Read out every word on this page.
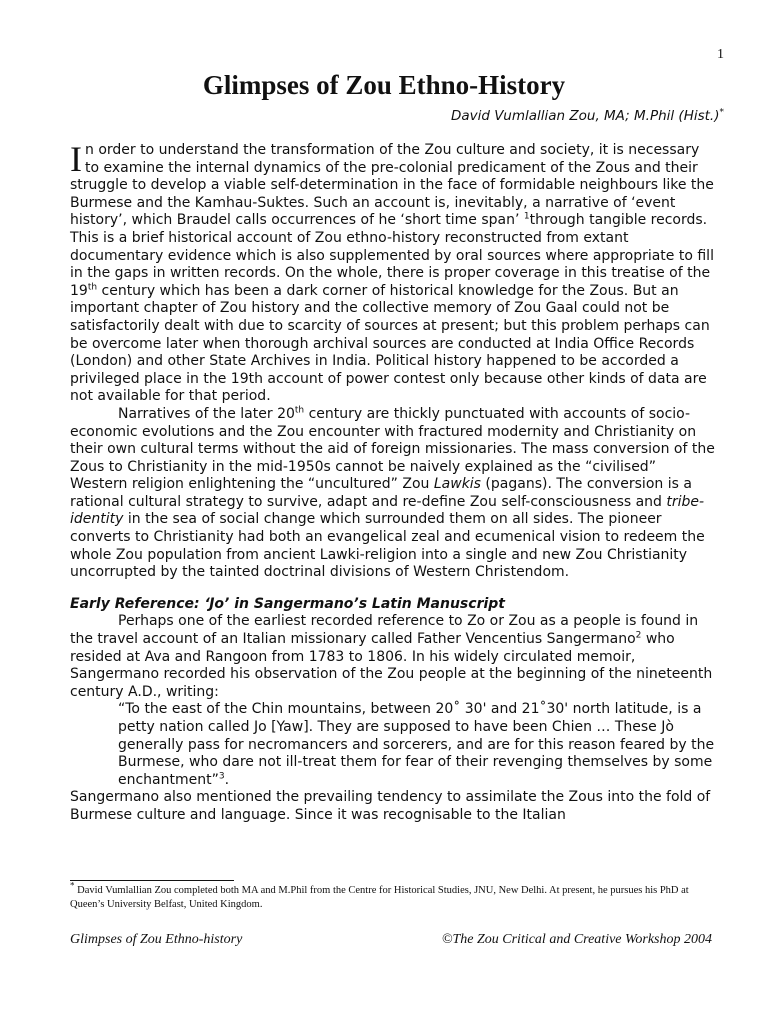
1
Glimpses of Zou Ethno-History
David Vumlallian Zou, MA; M.Phil (Hist.)*

In order to understand the transformation of the Zou culture and society, it is necessary to examine the internal dynamics of the pre-colonial predicament of the Zous and their struggle to develop a viable self-determination in the face of formidable neighbours like the Burmese and the Kamhau-Suktes. Such an account is, inevitably, a narrative of ‘event history’, which Braudel calls occurrences of he ‘short time span’ $^1$through tangible records. This is a brief historical account of Zou ethno-history reconstructed from extant documentary evidence which is also supplemented by oral sources where appropriate to fill in the gaps in written records. On the whole, there is proper coverage in this treatise of the 19th century which has been a dark corner of historical knowledge for the Zous. But an important chapter of Zou history and the collective memory of Zou Gaal could not be satisfactorily dealt with due to scarcity of sources at present; but this problem perhaps can be overcome later when thorough archival sources are conducted at India Office Records (London) and other State Archives in India. Political history happened to be accorded a privileged place in the 19th account of power contest only because other kinds of data are not available for that period.

Narratives of the later 20th century are thickly punctuated with accounts of socio-economic evolutions and the Zou encounter with fractured modernity and Christianity on their own cultural terms without the aid of foreign missionaries. The mass conversion of the Zous to Christianity in the mid-1950s cannot be naively explained as the “civilised” Western religion enlightening the “uncultured” Zou Lawkis (pagans). The conversion is a rational cultural strategy to survive, adapt and re-define Zou self-consciousness and tribe-identity in the sea of social change which surrounded them on all sides. The pioneer converts to Christianity had both an evangelical zeal and ecumenical vision to redeem the whole Zou population from ancient Lawki-religion into a single and new Zou Christianity uncorrupted by the tainted doctrinal divisions of Western Christendom.

Early Reference: ‘Jo’ in Sangermano’s Latin Manuscript

Perhaps one of the earliest recorded reference to Zo or Zou as a people is found in the travel account of an Italian missionary called Father Vencentius Sangermano$^2$ who resided at Ava and Rangoon from 1783 to 1806. In his widely circulated memoir, Sangermano recorded his observation of the Zou people at the beginning of the nineteenth century A.D., writing:

“To the east of the Chin mountains, between 20˚ 30' and 21˚30' north latitude, is a petty nation called Jo [Yaw]. They are supposed to have been Chien … These Jò generally pass for necromancers and sorcerers, and are for this reason feared by the Burmese, who dare not ill-treat them for fear of their revenging themselves by some enchantment”$^3$.

Sangermano also mentioned the prevailing tendency to assimilate the Zous into the fold of Burmese culture and language. Since it was recognisable to the Italian

* David Vumlallian Zou completed both MA and M.Phil from the Centre for Historical Studies, JNU, New Delhi. At present, he pursues his PhD at Queen’s University Belfast, United Kingdom.

Glimpses of Zou Ethno-history	©The Zou Critical and Creative Workshop 2004
